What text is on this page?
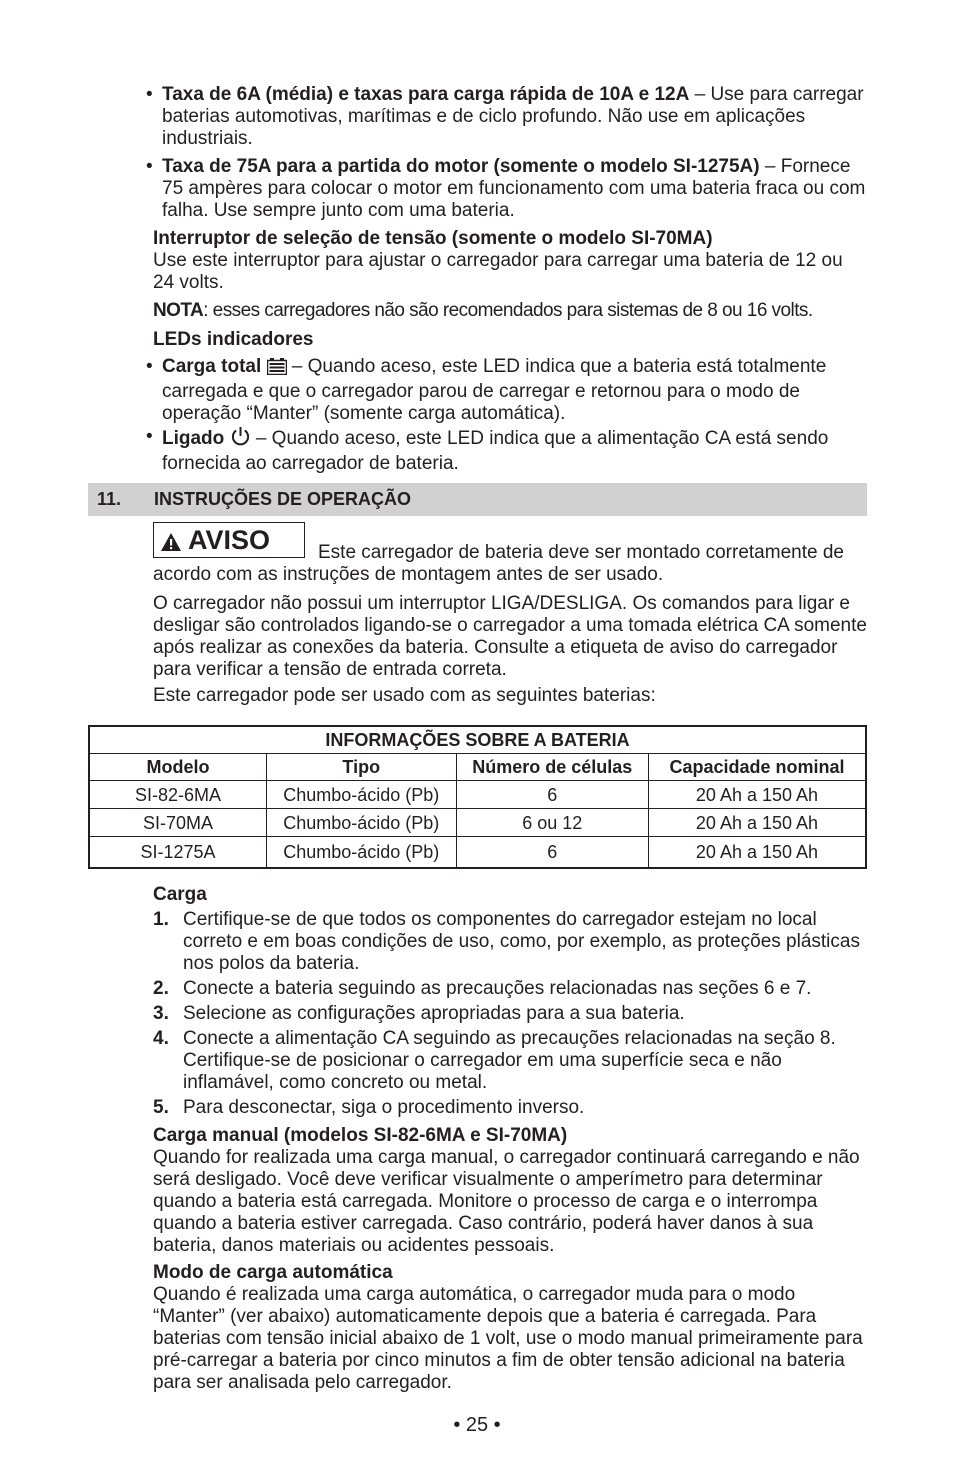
• Taxa de 6A (média) e taxas para carga rápida de 10A e 12A – Use para carregar baterias automotivas, marítimas e de ciclo profundo. Não use em aplicações industriais.
• Taxa de 75A para a partida do motor (somente o modelo SI-1275A) – Fornece 75 ampères para colocar o motor em funcionamento com uma bateria fraca ou com falha. Use sempre junto com uma bateria.
Interruptor de seleção de tensão (somente o modelo SI-70MA)
Use este interruptor para ajustar o carregador para carregar uma bateria de 12 ou 24 volts.
NOTA: esses carregadores não são recomendados para sistemas de 8 ou 16 volts.
LEDs indicadores
• Carga total  – Quando aceso, este LED indica que a bateria está totalmente carregada e que o carregador parou de carregar e retornou para o modo de operação “Manter” (somente carga automática).
• Ligado  – Quando aceso, este LED indica que a alimentação CA está sendo fornecida ao carregador de bateria.
11. INSTRUÇÕES DE OPERAÇÃO
AVISO	Este carregador de bateria deve ser montado corretamente de acordo com as instruções de montagem antes de ser usado.
O carregador não possui um interruptor LIGA/DESLIGA. Os comandos para ligar e desligar são controlados ligando-se o carregador a uma tomada elétrica CA somente após realizar as conexões da bateria. Consulte a etiqueta de aviso do carregador para verificar a tensão de entrada correta.
Este carregador pode ser usado com as seguintes baterias:
INFORMAÇÕES SOBRE A BATERIA			
Modelo	Tipo	Número de células	Capacidade nominal
SI-82-6MA	Chumbo-ácido (Pb)	6	20 Ah a 150 Ah
SI-70MA	Chumbo-ácido (Pb)	6 ou 12	20 Ah a 150 Ah
SI-1275A	Chumbo-ácido (Pb)	6	20 Ah a 150 Ah
Carga
1. Certifique-se de que todos os componentes do carregador estejam no local correto e em boas condições de uso, como, por exemplo, as proteções plásticas nos polos da bateria.
2. Conecte a bateria seguindo as precauções relacionadas nas seções 6 e 7.
3. Selecione as configurações apropriadas para a sua bateria.
4. Conecte a alimentação CA seguindo as precauções relacionadas na seção 8. Certifique-se de posicionar o carregador em uma superfície seca e não inflamável, como concreto ou metal.
5. Para desconectar, siga o procedimento inverso.
Carga manual (modelos SI-82-6MA e SI-70MA)
Quando for realizada uma carga manual, o carregador continuará carregando e não será desligado. Você deve verificar visualmente o amperímetro para determinar quando a bateria está carregada. Monitore o processo de carga e o interrompa quando a bateria estiver carregada. Caso contrário, poderá haver danos à sua bateria, danos materiais ou acidentes pessoais.
Modo de carga automática
Quando é realizada uma carga automática, o carregador muda para o modo “Manter” (ver abaixo) automaticamente depois que a bateria é carregada. Para baterias com tensão inicial abaixo de 1 volt, use o modo manual primeiramente para pré-carregar a bateria por cinco minutos a fim de obter tensão adicional na bateria para ser analisada pelo carregador.
• 25 •
